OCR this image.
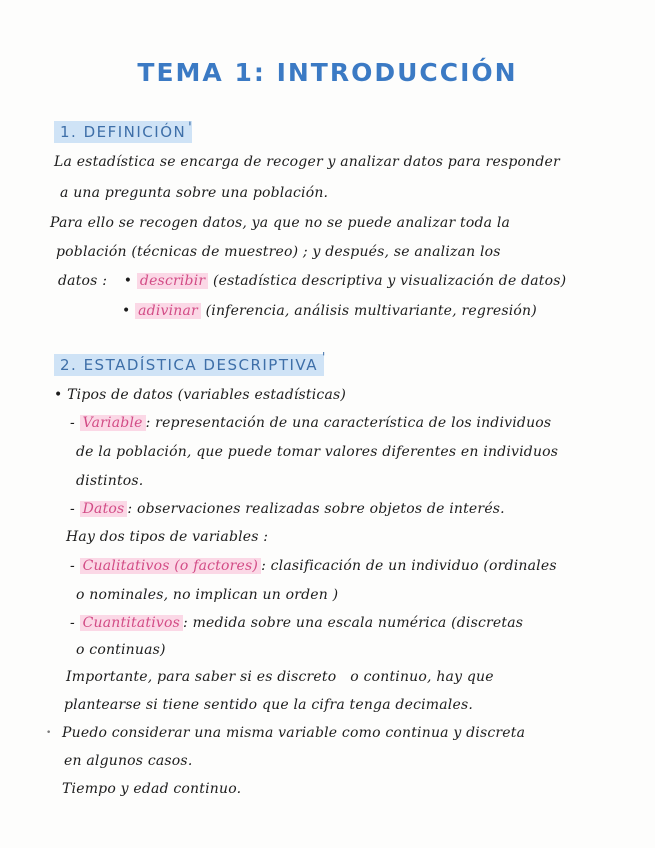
TEMA 1: INTRODUCCIÓN
1. DEFINICIÓN '
La estadística se encarga de recoger y analizar datos para responder
a una pregunta sobre una población.
Para ello se recogen datos, ya que no se puede analizar toda la
población (técnicas de muestreo) ; y después, se analizan los
datos : • describir (estadística descriptiva y visualización de datos)
• adivinar (inferencia, análisis multivariante, regresión)
2. ESTADÍSTICA DESCRIPTIVA '
• Tipos de datos (variables estadísticas)
- Variable : representación de una característica de los individuos
de la población, que puede tomar valores diferentes en individuos
distintos.
- Datos : observaciones realizadas sobre objetos de interés.
Hay dos tipos de variables :
- Cualitativos (o factores) : clasificación de un individuo (ordinales
o nominales, no implican un orden )
- Cuantitativos : medida sobre una escala numérica (discretas
o continuas)
Importante, para saber si es discreto   o continuo, hay que
plantearse si tiene sentido que la cifra tenga decimales.
• Puedo considerar una misma variable como continua y discreta
en algunos casos.
Tiempo y edad continuo.
